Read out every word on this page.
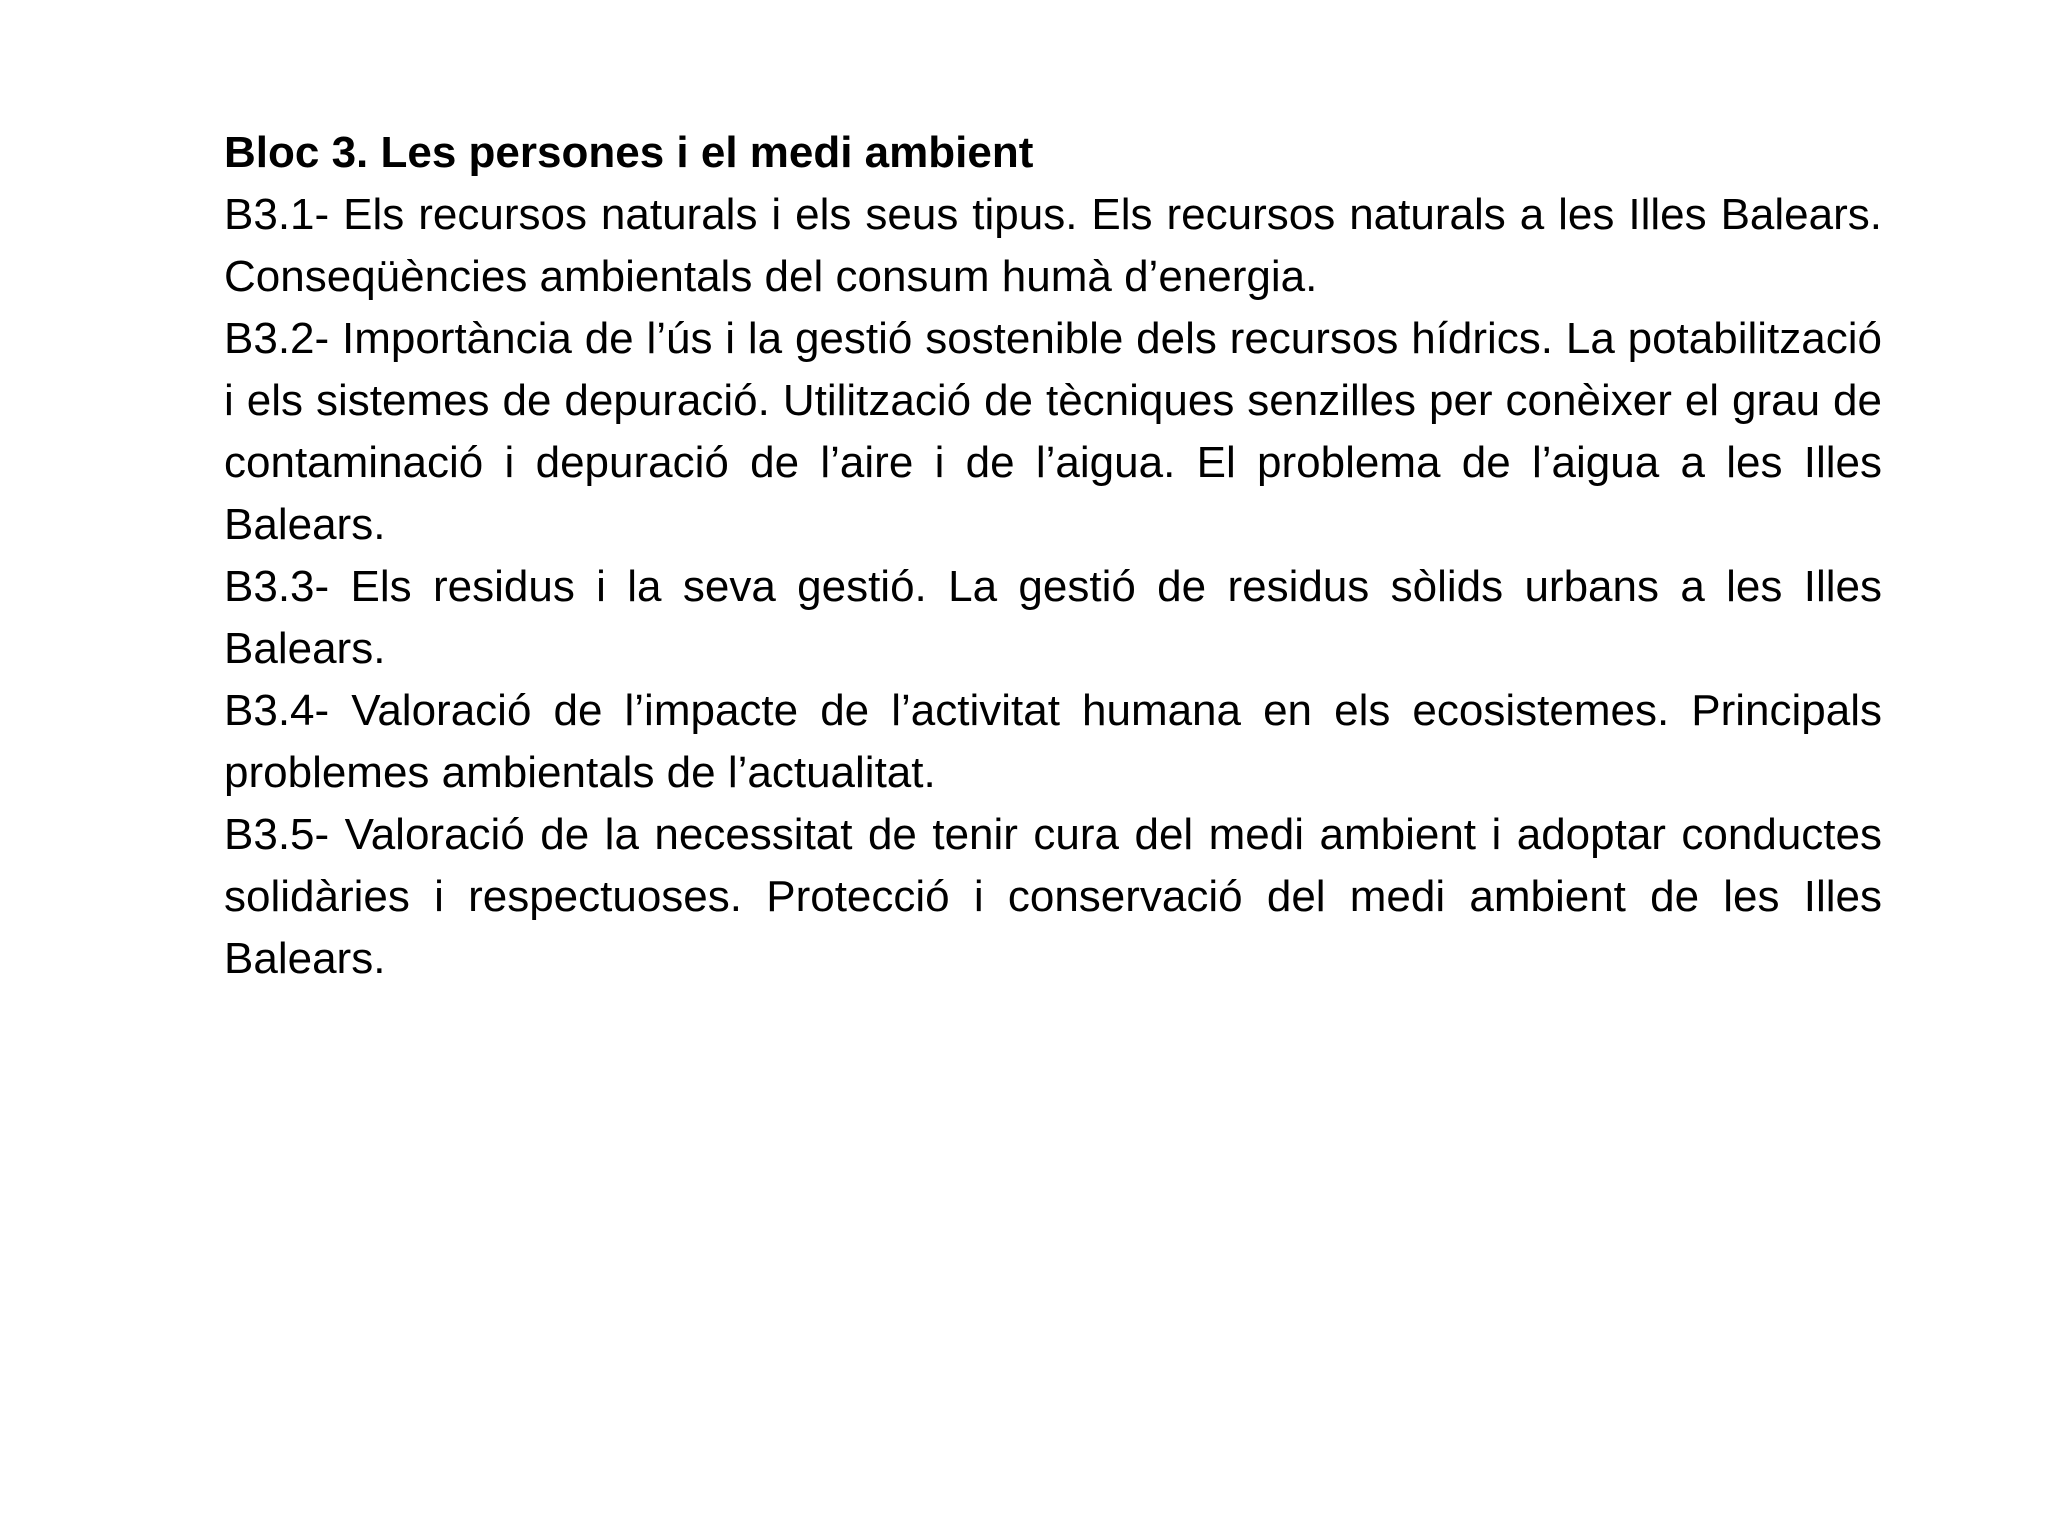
Bloc 3. Les persones i el medi ambient

B3.1- Els recursos naturals i els seus tipus. Els recursos naturals a les Illes Balears. Conseqüències ambientals del consum humà d’energia.

B3.2- Importància de l’ús i la gestió sostenible dels recursos hídrics. La potabilització i els sistemes de depuració. Utilització de tècniques senzilles per conèixer el grau de contaminació i depuració de l’aire i de l’aigua. El problema de l’aigua a les Illes Balears.

B3.3- Els residus i la seva gestió. La gestió de residus sòlids urbans a les Illes Balears.

B3.4- Valoració de l’impacte de l’activitat humana en els ecosistemes. Principals problemes ambientals de l’actualitat.

B3.5- Valoració de la necessitat de tenir cura del medi ambient i adoptar conductes solidàries i respectuoses. Protecció i conservació del medi ambient de les Illes Balears.
